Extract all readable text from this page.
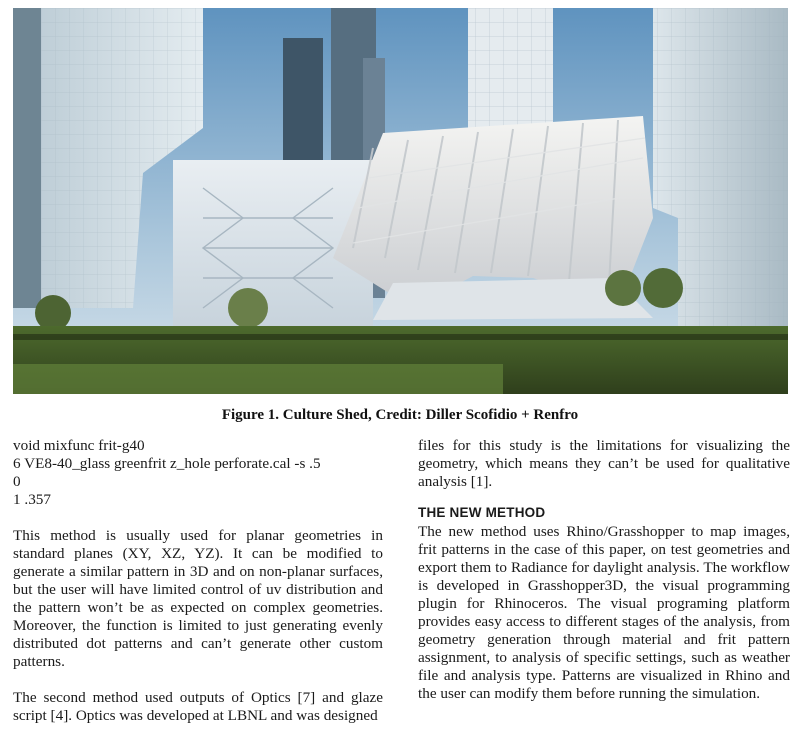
Figure 1. Culture Shed, Credit: Diller Scofidio + Renfro
void mixfunc frit-g40
6 VE8-40_glass greenfrit z_hole perforate.cal -s .5
0
1 .357

This method is usually used for planar geometries in standard planes (XY, XZ, YZ). It can be modified to generate a similar pattern in 3D and on non-planar surfaces, but the user will have limited control of uv distribution and the pattern won’t be as expected on complex geometries. Moreover, the function is limited to just generating evenly distributed dot patterns and can’t generate other custom patterns.

The second method used outputs of Optics [7] and glaze script [4]. Optics was developed at LBNL and was designed

files for this study is the limitations for visualizing the geometry, which means they can’t be used for qualitative analysis [1].

THE NEW METHOD

The new method uses Rhino/Grasshopper to map images, frit patterns in the case of this paper, on test geometries and export them to Radiance for daylight analysis. The workflow is developed in Grasshopper3D, the visual programming plugin for Rhinoceros. The visual programing platform provides easy access to different stages of the analysis, from geometry generation through material and frit pattern assignment, to analysis of specific settings, such as weather file and analysis type. Patterns are visualized in Rhino and the user can modify them before running the simulation.
